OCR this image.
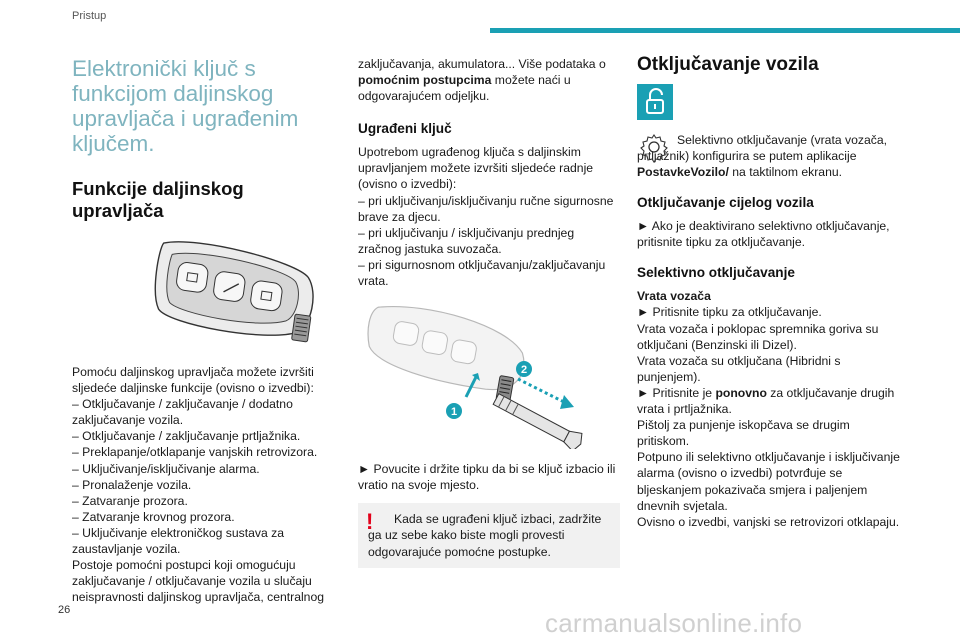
Pristup
Elektronički ključ s funkcijom daljinskog upravljača i ugrađenim ključem.
Funkcije daljinskog upravljača

Pomoću daljinskog upravljača možete izvršiti sljedeće daljinske funkcije (ovisno o izvedbi):

– Otključavanje / zaključavanje / dodatno zaključavanje vozila.
– Otključavanje / zaključavanje prtljažnika.
– Preklapanje/otklapanje vanjskih retrovizora.
– Uključivanje/isključivanje alarma.
– Pronalaženje vozila.
– Zatvaranje prozora.
– Zatvaranje krovnog prozora.
– Uključivanje elektroničkog sustava za zaustavljanje vozila.

Postoje pomoćni postupci koji omogućuju zaključavanje / otključavanje vozila u slučaju neispravnosti daljinskog upravljača, centralnog

zaključavanja, akumulatora... Više podataka o pomoćnim postupcima možete naći u odgovarajućem odjeljku.

Ugrađeni ključ

Upotrebom ugrađenog ključa s daljinskim upravljanjem možete izvršiti sljedeće radnje (ovisno o izvedbi):

– pri uključivanju/isključivanju ručne sigurnosne brave za djecu.
– pri uključivanju / isključivanju prednjeg zračnog jastuka suvozača.
– pri sigurnosnom otključavanju/zaključavanju vrata.
1
2

► Povucite i držite tipku da bi se ključ izbacio ili vratio na svoje mjesto.

!	Kada se ugrađeni ključ izbaci, zadržite ga uz sebe kako biste mogli provesti odgovarajuće pomoćne postupke.

Otključavanje vozila

Selektivno otključavanje (vrata vozača, prtljažnik) konfigurira se putem aplikacije PostavkeVozilo/ na taktilnom ekranu.

Otključavanje cijelog vozila

► Ako je deaktivirano selektivno otključavanje, pritisnite tipku za otključavanje.

Selektivno otključavanje
Vrata vozača

► Pritisnite tipku za otključavanje.

Vrata vozača i poklopac spremnika goriva su otključani (Benzinski ili Dizel).

Vrata vozača su otključana (Hibridni s punjenjem).

► Pritisnite je ponovno za otključavanje drugih vrata i prtljažnika.

Pištolj za punjenje iskopčava se drugim pritiskom.

Potpuno ili selektivno otključavanje i isključivanje alarma (ovisno o izvedbi) potvrđuje se bljeskanjem pokazivača smjera i paljenjem dnevnih svjetala.

Ovisno o izvedbi, vanjski se retrovizori otklapaju.

26	carmanualsonline.info
